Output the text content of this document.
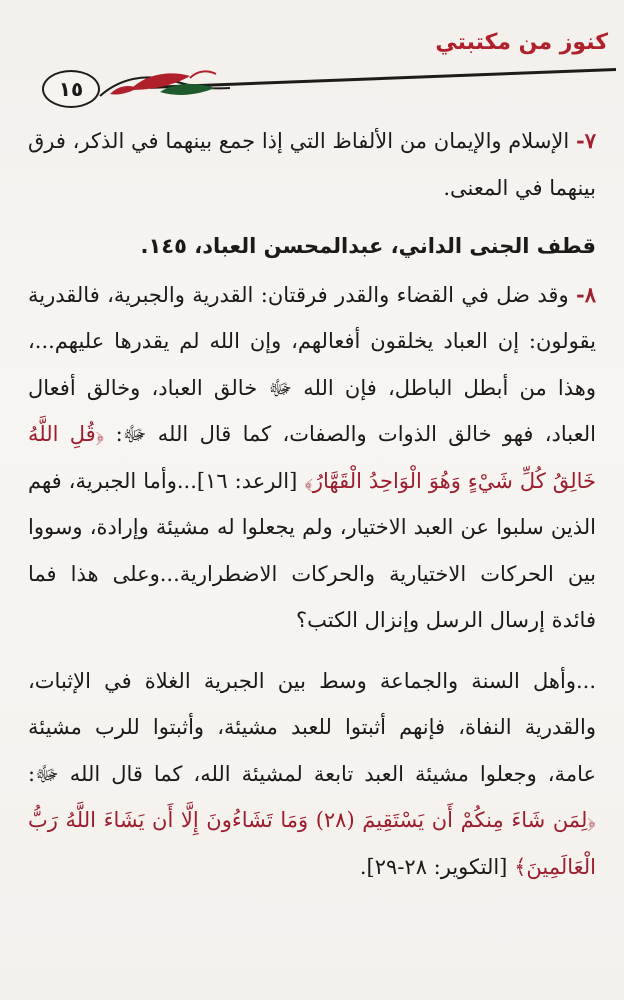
كنوز من مكتبتي
١٥

٧- الإسلام والإيمان من الألفاظ التي إذا جمع بينهما في الذكر، فرق بينهما في المعنى.

قطف الجنى الداني، عبدالمحسن العباد، ١٤٥.

٨- وقد ضل في القضاء والقدر فرقتان: القدرية والجبرية، فالقدرية يقولون: إن العباد يخلقون أفعالهم، وإن الله لم يقدرها عليهم...، وهذا من أبطل الباطل، فإن الله ﷻ خالق العباد، وخالق أفعال العباد، فهو خالق الذوات والصفات، كما قال الله ﷻ: ﴿قُلِ اللَّهُ خَالِقُ كُلِّ شَيْءٍ وَهُوَ الْوَاحِدُ الْقَهَّارُ﴾ [الرعد: ١٦]...وأما الجبرية، فهم الذين سلبوا عن العبد الاختيار، ولم يجعلوا له مشيئة وإرادة، وسووا بين الحركات الاختيارية والحركات الاضطرارية...وعلى هذا فما فائدة إرسال الرسل وإنزال الكتب؟

...وأهل السنة والجماعة وسط بين الجبرية الغلاة في الإثبات، والقدرية النفاة، فإنهم أثبتوا للعبد مشيئة، وأثبتوا للرب مشيئة عامة، وجعلوا مشيئة العبد تابعة لمشيئة الله، كما قال الله ﷻ: ﴿لِمَن شَاءَ مِنكُمْ أَن يَسْتَقِيمَ (٢٨) وَمَا تَشَاءُونَ إِلَّا أَن يَشَاءَ اللَّهُ رَبُّ الْعَالَمِينَ﴾ [التكوير: ٢٨-٢٩].
